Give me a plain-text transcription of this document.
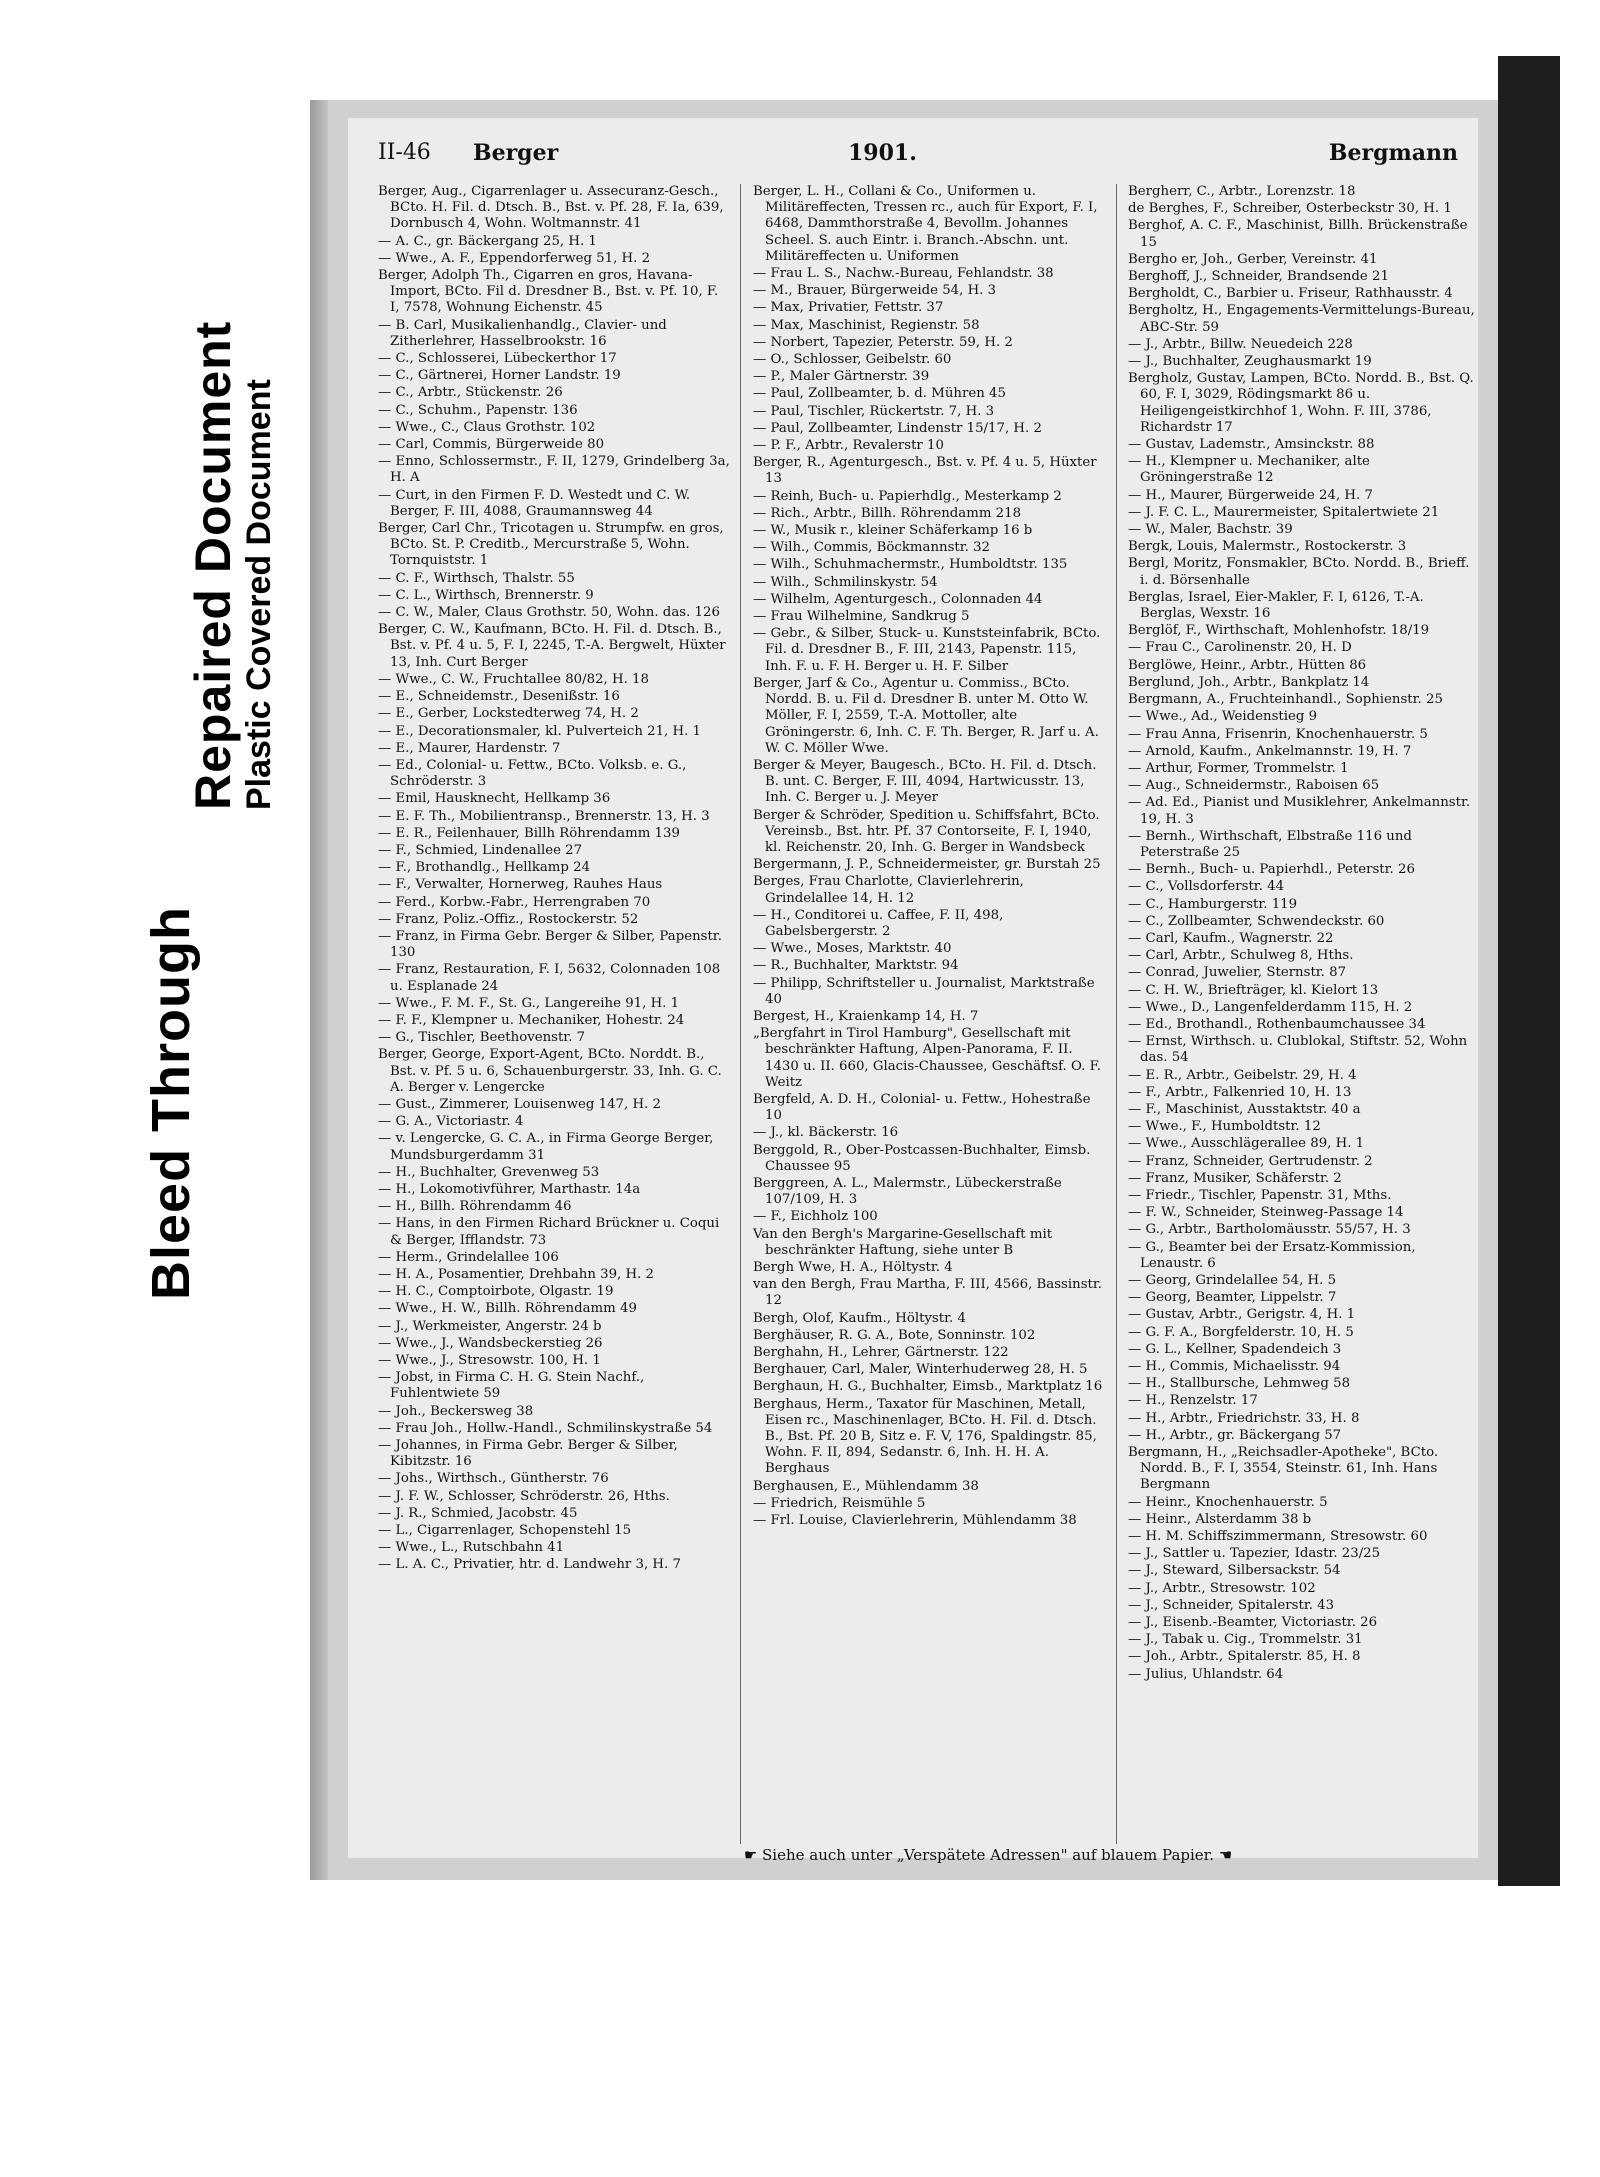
Bleed Through
Repaired Document Plastic Covered Document
II-46 Berger	1901.	Bergmann
Berger, Aug., Cigarrenlager u. Assecuranz-Gesch., BCto. H. Fil. d. Dtsch. B., Bst. v. Pf. 28, F. Ia, 639, Dornbusch 4, Wohn. Woltmannstr. 41
— A. C., gr. Bäckergang 25, H. 1
— Wwe., A. F., Eppendorferweg 51, H. 2
Berger, Adolph Th., Cigarren en gros, Havana-Import, BCto. Fil d. Dresdner B., Bst. v. Pf. 10, F. I, 7578, Wohnung Eichenstr. 45
— B. Carl, Musikalienhandlg., Clavier- und Zitherlehrer, Hasselbrookstr. 16
— C., Schlosserei, Lübeckerthor 17
— C., Gärtnerei, Horner Landstr. 19
— C., Arbtr., Stückenstr. 26
— C., Schuhm., Papenstr. 136
— Wwe., C., Claus Grothstr. 102
— Carl, Commis, Bürgerweide 80
— Enno, Schlossermstr., F. II, 1279, Grindelberg 3a, H. A
— Curt, in den Firmen F. D. Westedt und C. W. Berger, F. III, 4088, Graumannsweg 44
Berger, Carl Chr., Tricotagen u. Strumpfw. en gros, BCto. St. P. Creditb., Mercurstraße 5, Wohn. Tornquiststr. 1
— C. F., Wirthsch, Thalstr. 55
— C. L., Wirthsch, Brennerstr. 9
— C. W., Maler, Claus Grothstr. 50, Wohn. das. 126
Berger, C. W., Kaufmann, BCto. H. Fil. d. Dtsch. B., Bst. v. Pf. 4 u. 5, F. I, 2245, T.-A. Bergwelt, Hüxter 13, Inh. Curt Berger
— Wwe., C. W., Fruchtallee 80/82, H. 18
— E., Schneidemstr., Desenißstr. 16
— E., Gerber, Lockstedterweg 74, H. 2
— E., Decorationsmaler, kl. Pulverteich 21, H. 1
— E., Maurer, Hardenstr. 7
— Ed., Colonial- u. Fettw., BCto. Volksb. e. G., Schröderstr. 3
— Emil, Hausknecht, Hellkamp 36
— E. F. Th., Mobilientransp., Brennerstr. 13, H. 3
— E. R., Feilenhauer, Billh Röhrendamm 139
— F., Schmied, Lindenallee 27
— F., Brothandlg., Hellkamp 24
— F., Verwalter, Hornerweg, Rauhes Haus
— Ferd., Korbw.-Fabr., Herrengraben 70
— Franz, Poliz.-Offiz., Rostockerstr. 52
— Franz, in Firma Gebr. Berger & Silber, Papenstr. 130
— Franz, Restauration, F. I, 5632, Colonnaden 108 u. Esplanade 24
— Wwe., F. M. F., St. G., Langereihe 91, H. 1
— F. F., Klempner u. Mechaniker, Hohestr. 24
— G., Tischler, Beethovenstr. 7
Berger, George, Export-Agent, BCto. Norddt. B., Bst. v. Pf. 5 u. 6, Schauenburgerstr. 33, Inh. G. C. A. Berger v. Lengercke
— Gust., Zimmerer, Louisenweg 147, H. 2
— G. A., Victoriastr. 4
— v. Lengercke, G. C. A., in Firma George Berger, Mundsburgerdamm 31
— H., Buchhalter, Grevenweg 53
— H., Lokomotivführer, Marthastr. 14a
— H., Billh. Röhrendamm 46
— Hans, in den Firmen Richard Brückner u. Coqui & Berger, Ifflandstr. 73
— Herm., Grindelallee 106
— H. A., Posamentier, Drehbahn 39, H. 2
— H. C., Comptoirbote, Olgastr. 19
— Wwe., H. W., Billh. Röhrendamm 49
— J., Werkmeister, Angerstr. 24 b
— Wwe., J., Wandsbeckerstieg 26
— Wwe., J., Stresowstr. 100, H. 1
— Jobst, in Firma C. H. G. Stein Nachf., Fuhlentwiete 59
— Joh., Beckersweg 38
— Frau Joh., Hollw.-Handl., Schmilinskystraße 54
— Johannes, in Firma Gebr. Berger & Silber, Kibitzstr. 16
— Johs., Wirthsch., Güntherstr. 76
— J. F. W., Schlosser, Schröderstr. 26, Hths.
— J. R., Schmied, Jacobstr. 45
— L., Cigarrenlager, Schopenstehl 15
— Wwe., L., Rutschbahn 41
— L. A. C., Privatier, htr. d. Landwehr 3, H. 7
Berger, L. H., Collani & Co., Uniformen u. Militäreffecten, Tressen rc., auch für Export, F. I, 6468, Dammthorstraße 4, Bevollm. Johannes Scheel. S. auch Eintr. i. Branch.-Abschn. unt. Militäreffecten u. Uniformen
— Frau L. S., Nachw.-Bureau, Fehlandstr. 38
— M., Brauer, Bürgerweide 54, H. 3
— Max, Privatier, Fettstr. 37
— Max, Maschinist, Regienstr. 58
— Norbert, Tapezier, Peterstr. 59, H. 2
— O., Schlosser, Geibelstr. 60
— P., Maler Gärtnerstr. 39
— Paul, Zollbeamter, b. d. Mühren 45
— Paul, Tischler, Rückertstr. 7, H. 3
— Paul, Zollbeamter, Lindenstr 15/17, H. 2
— P. F., Arbtr., Revalerstr 10
Berger, R., Agenturgesch., Bst. v. Pf. 4 u. 5, Hüxter 13
— Reinh, Buch- u. Papierhdlg., Mesterkamp 2
— Rich., Arbtr., Billh. Röhrendamm 218
— W., Musik r., kleiner Schäferkamp 16 b
— Wilh., Commis, Böckmannstr. 32
— Wilh., Schuhmachermstr., Humboldtstr. 135
— Wilh., Schmilinskystr. 54
— Wilhelm, Agenturgesch., Colonnaden 44
— Frau Wilhelmine, Sandkrug 5
— Gebr., & Silber, Stuck- u. Kunststeinfabrik, BCto. Fil. d. Dresdner B., F. III, 2143, Papenstr. 115, Inh. F. u. F. H. Berger u. H. F. Silber
Berger, Jarf & Co., Agentur u. Commiss., BCto. Nordd. B. u. Fil d. Dresdner B. unter M. Otto W. Möller, F. I, 2559, T.-A. Mottoller, alte Gröningerstr. 6, Inh. C. F. Th. Berger, R. Jarf u. A. W. C. Möller Wwe.
Berger & Meyer, Baugesch., BCto. H. Fil. d. Dtsch. B. unt. C. Berger, F. III, 4094, Hartwicusstr. 13, Inh. C. Berger u. J. Meyer
Berger & Schröder, Spedition u. Schiffsfahrt, BCto. Vereinsb., Bst. htr. Pf. 37 Contorseite, F. I, 1940, kl. Reichenstr. 20, Inh. G. Berger in Wandsbeck
Bergermann, J. P., Schneidermeister, gr. Burstah 25
Berges, Frau Charlotte, Clavierlehrerin, Grindelallee 14, H. 12
— H., Conditorei u. Caffee, F. II, 498, Gabelsbergerstr. 2
— Wwe., Moses, Marktstr. 40
— R., Buchhalter, Marktstr. 94
— Philipp, Schriftsteller u. Journalist, Marktstraße 40
Bergest, H., Kraienkamp 14, H. 7
„Bergfahrt in Tirol Hamburg", Gesellschaft mit beschränkter Haftung, Alpen-Panorama, F. II. 1430 u. II. 660, Glacis-Chaussee, Geschäftsf. O. F. Weitz
Bergfeld, A. D. H., Colonial- u. Fettw., Hohestraße 10
— J., kl. Bäckerstr. 16
Berggold, R., Ober-Postcassen-Buchhalter, Eimsb. Chaussee 95
Berggreen, A. L., Malermstr., Lübeckerstraße 107/109, H. 3
— F., Eichholz 100
Van den Bergh's Margarine-Gesellschaft mit beschränkter Haftung, siehe unter B
Bergh Wwe, H. A., Höltystr. 4
van den Bergh, Frau Martha, F. III, 4566, Bassinstr. 12
Bergh, Olof, Kaufm., Höltystr. 4
Berghäuser, R. G. A., Bote, Sonninstr. 102
Berghahn, H., Lehrer, Gärtnerstr. 122
Berghauer, Carl, Maler, Winterhuderweg 28, H. 5
Berghaun, H. G., Buchhalter, Eimsb., Marktplatz 16
Berghaus, Herm., Taxator für Maschinen, Metall, Eisen rc., Maschinenlager, BCto. H. Fil. d. Dtsch. B., Bst. Pf. 20 B, Sitz e. F. V, 176, Spaldingstr. 85, Wohn. F. II, 894, Sedanstr. 6, Inh. H. H. A. Berghaus
Berghausen, E., Mühlendamm 38
— Friedrich, Reismühle 5
— Frl. Louise, Clavierlehrerin, Mühlendamm 38
Bergherr, C., Arbtr., Lorenzstr. 18
de Berghes, F., Schreiber, Osterbeckstr 30, H. 1
Berghof, A. C. F., Maschinist, Billh. Brückenstraße 15
Bergho er, Joh., Gerber, Vereinstr. 41
Berghoff, J., Schneider, Brandsende 21
Bergholdt, C., Barbier u. Friseur, Rathhausstr. 4
Bergholtz, H., Engagements-Vermittelungs-Bureau, ABC-Str. 59
— J., Arbtr., Billw. Neuedeich 228
— J., Buchhalter, Zeughausmarkt 19
Bergholz, Gustav, Lampen, BCto. Nordd. B., Bst. Q. 60, F. I, 3029, Rödingsmarkt 86 u. Heiligengeistkirchhof 1, Wohn. F. III, 3786, Richardstr 17
— Gustav, Lademstr., Amsinckstr. 88
— H., Klempner u. Mechaniker, alte Gröningerstraße 12
— H., Maurer, Bürgerweide 24, H. 7
— J. F. C. L., Maurermeister, Spitalertwiete 21
— W., Maler, Bachstr. 39
Bergk, Louis, Malermstr., Rostockerstr. 3
Bergl, Moritz, Fonsmakler, BCto. Nordd. B., Brieff. i. d. Börsenhalle
Berglas, Israel, Eier-Makler, F. I, 6126, T.-A. Berglas, Wexstr. 16
Berglöf, F., Wirthschaft, Mohlenhofstr. 18/19
— Frau C., Carolinenstr. 20, H. D
Berglöwe, Heinr., Arbtr., Hütten 86
Berglund, Joh., Arbtr., Bankplatz 14
Bergmann, A., Fruchteinhandl., Sophienstr. 25
— Wwe., Ad., Weidenstieg 9
— Frau Anna, Frisenrin, Knochenhauerstr. 5
— Arnold, Kaufm., Ankelmannstr. 19, H. 7
— Arthur, Former, Trommelstr. 1
— Aug., Schneidermstr., Raboisen 65
— Ad. Ed., Pianist und Musiklehrer, Ankelmannstr. 19, H. 3
— Bernh., Wirthschaft, Elbstraße 116 und Peterstraße 25
— Bernh., Buch- u. Papierhdl., Peterstr. 26
— C., Vollsdorferstr. 44
— C., Hamburgerstr. 119
— C., Zollbeamter, Schwendeckstr. 60
— Carl, Kaufm., Wagnerstr. 22
— Carl, Arbtr., Schulweg 8, Hths.
— Conrad, Juwelier, Sternstr. 87
— C. H. W., Briefträger, kl. Kielort 13
— Wwe., D., Langenfelderdamm 115, H. 2
— Ed., Brothandl., Rothenbaumchaussee 34
— Ernst, Wirthsch. u. Clublokal, Stiftstr. 52, Wohn das. 54
— E. R., Arbtr., Geibelstr. 29, H. 4
— F., Arbtr., Falkenried 10, H. 13
— F., Maschinist, Ausstaktstr. 40 a
— Wwe., F., Humboldtstr. 12
— Wwe., Ausschlägerallee 89, H. 1
— Franz, Schneider, Gertrudenstr. 2
— Franz, Musiker, Schäferstr. 2
— Friedr., Tischler, Papenstr. 31, Mths.
— F. W., Schneider, Steinweg-Passage 14
— G., Arbtr., Bartholomäusstr. 55/57, H. 3
— G., Beamter bei der Ersatz-Kommission, Lenaustr. 6
— Georg, Grindelallee 54, H. 5
— Georg, Beamter, Lippelstr. 7
— Gustav, Arbtr., Gerigstr. 4, H. 1
— G. F. A., Borgfelderstr. 10, H. 5
— G. L., Kellner, Spadendeich 3
— H., Commis, Michaelisstr. 94
— H., Stallbursche, Lehmweg 58
— H., Renzelstr. 17
— H., Arbtr., Friedrichstr. 33, H. 8
— H., Arbtr., gr. Bäckergang 57
Bergmann, H., „Reichsadler-Apotheke", BCto. Nordd. B., F. I, 3554, Steinstr. 61, Inh. Hans Bergmann
— Heinr., Knochenhauerstr. 5
— Heinr., Alsterdamm 38 b
— H. M. Schiffszimmermann, Stresowstr. 60
— J., Sattler u. Tapezier, Idastr. 23/25
— J., Steward, Silbersackstr. 54
— J., Arbtr., Stresowstr. 102
— J., Schneider, Spitalerstr. 43
— J., Eisenb.-Beamter, Victoriastr. 26
— J., Tabak u. Cig., Trommelstr. 31
— Joh., Arbtr., Spitalerstr. 85, H. 8
— Julius, Uhlandstr. 64
☛ Siehe auch unter „Verspätete Adressen" auf blauem Papier. ☚
